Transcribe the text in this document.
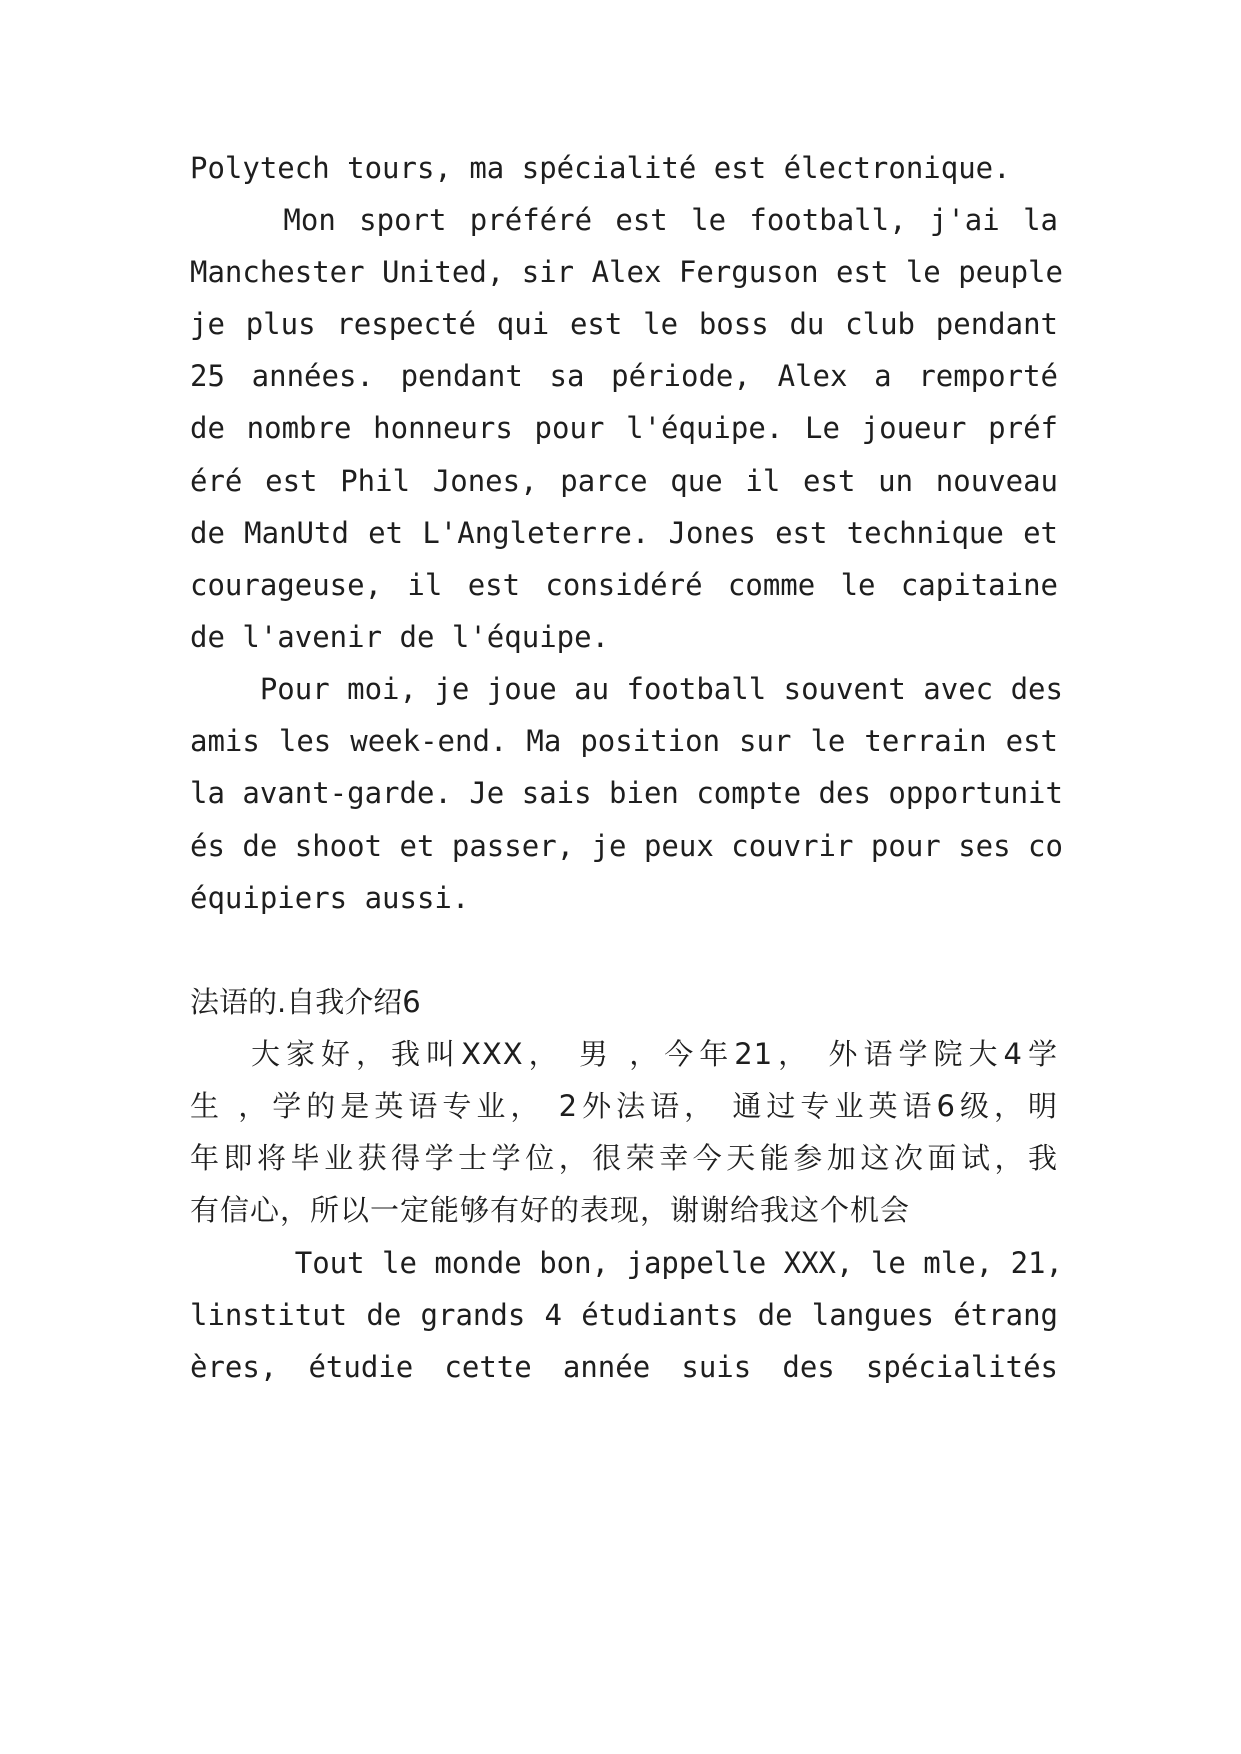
Polytech tours, ma spécialité est électronique.
Mon sport préféré est le football, j'ai la
Manchester United, sir Alex Ferguson est le peuple
je plus respecté qui est le boss du club pendant
25 années. pendant sa période, Alex a remporté
de nombre honneurs pour l'équipe. Le joueur préf
éré est Phil Jones, parce que il est un nouveau
de ManUtd et L'Angleterre. Jones est technique et
courageuse, il est considéré comme le capitaine
de l'avenir de l'équipe.
Pour moi, je joue au football souvent avec des
amis les week-end. Ma position sur le terrain est
la avant-garde. Je sais bien compte des opportunit
és de shoot et passer, je peux couvrir pour ses co
équipiers aussi.
法语的.自我介绍6
大家好，我叫XXX， 男 ，今年21， 外语学院大4学
生 ，学的是英语专业， 2外法语， 通过专业英语6级，明
年即将毕业获得学士学位，很荣幸今天能参加这次面试，我
有信心，所以一定能够有好的表现，谢谢给我这个机会
Tout le monde bon, jappelle XXX, le mle, 21,
linstitut de grands 4 étudiants de langues étrang
ères, étudie cette année suis des spécialités
